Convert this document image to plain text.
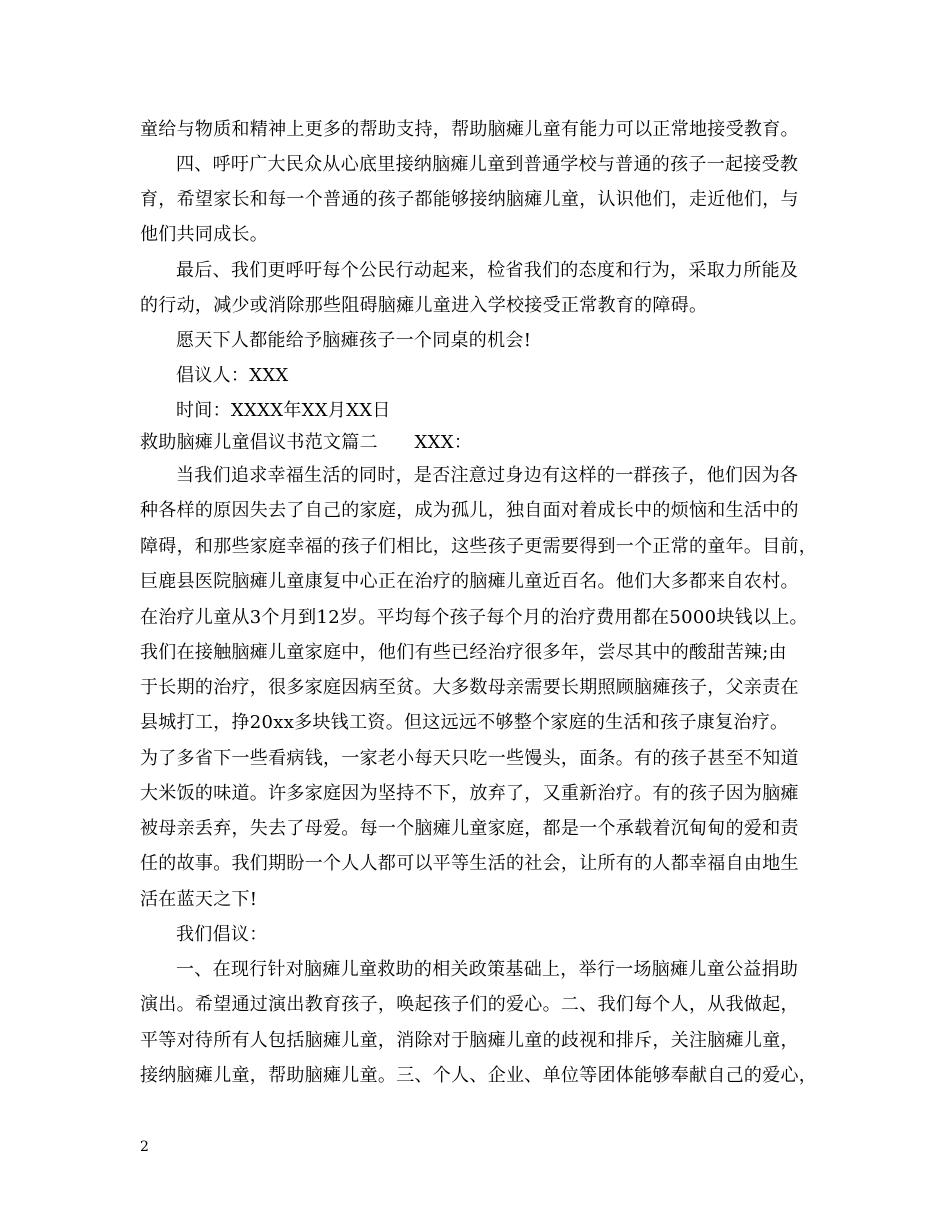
童给与物质和精神上更多的帮助支持，帮助脑瘫儿童有能力可以正常地接受教育。
四、呼吁广大民众从心底里接纳脑瘫儿童到普通学校与普通的孩子一起接受教
育，希望家长和每一个普通的孩子都能够接纳脑瘫儿童，认识他们，走近他们，与
他们共同成长。
最后、我们更呼吁每个公民行动起来，检省我们的态度和行为，采取力所能及
的行动，减少或消除那些阻碍脑瘫儿童进入学校接受正常教育的障碍。
愿天下人都能给予脑瘫孩子一个同桌的机会!
倡议人：XXX
时间：XXXX年XX月XX日
救助脑瘫儿童倡议书范文篇二　　XXX：
当我们追求幸福生活的同时，是否注意过身边有这样的一群孩子，他们因为各
种各样的原因失去了自己的家庭，成为孤儿，独自面对着成长中的烦恼和生活中的
障碍，和那些家庭幸福的孩子们相比，这些孩子更需要得到一个正常的童年。目前，
巨鹿县医院脑瘫儿童康复中心正在治疗的脑瘫儿童近百名。他们大多都来自农村。
在治疗儿童从3个月到12岁。平均每个孩子每个月的治疗费用都在5000块钱以上。
我们在接触脑瘫儿童家庭中，他们有些已经治疗很多年，尝尽其中的酸甜苦辣;由
于长期的治疗，很多家庭因病至贫。大多数母亲需要长期照顾脑瘫孩子，父亲责在
县城打工，挣20xx多块钱工资。但这远远不够整个家庭的生活和孩子康复治疗。
为了多省下一些看病钱，一家老小每天只吃一些馒头，面条。有的孩子甚至不知道
大米饭的味道。许多家庭因为坚持不下，放弃了，又重新治疗。有的孩子因为脑瘫
被母亲丢弃，失去了母爱。每一个脑瘫儿童家庭，都是一个承载着沉甸甸的爱和责
任的故事。我们期盼一个人人都可以平等生活的社会，让所有的人都幸福自由地生
活在蓝天之下!
我们倡议：
一、在现行针对脑瘫儿童救助的相关政策基础上，举行一场脑瘫儿童公益捐助
演出。希望通过演出教育孩子，唤起孩子们的爱心。二、我们每个人，从我做起，
平等对待所有人包括脑瘫儿童，消除对于脑瘫儿童的歧视和排斥，关注脑瘫儿童，
接纳脑瘫儿童，帮助脑瘫儿童。三、个人、企业、单位等团体能够奉献自己的爱心，
2
